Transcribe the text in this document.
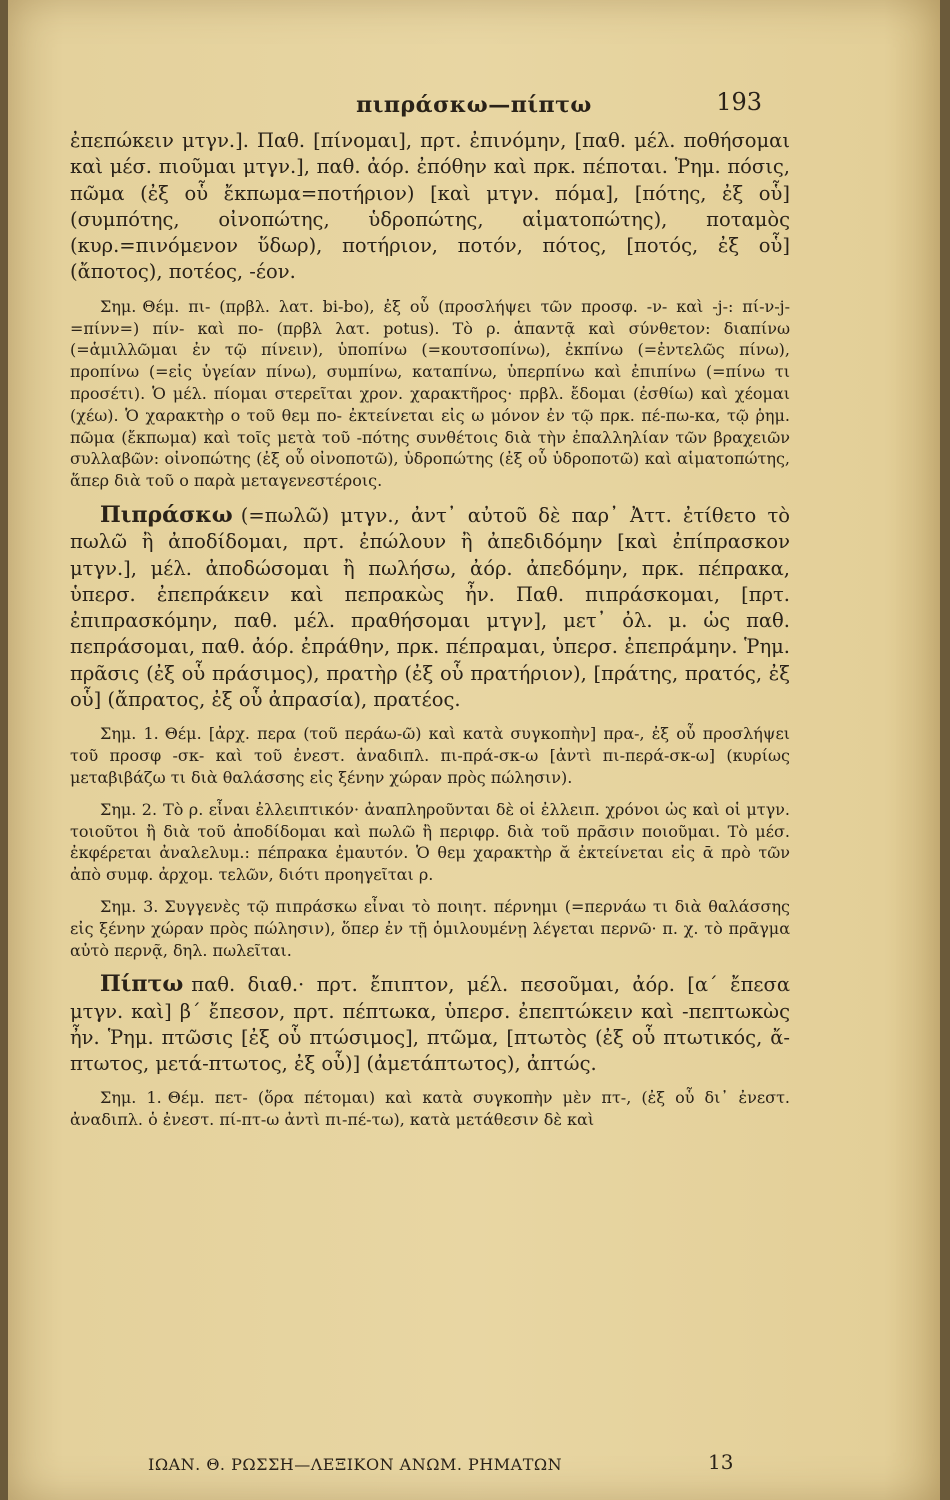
πιπράσκω—πίπτω	193

ἐπεπώκειν μτγν.]. Παθ. [πίνομαι], πρτ. ἐπινόμην, [παθ. μέλ. ποθήσομαι καὶ μέσ. πιοῦμαι μτγν.], παθ. ἀόρ. ἐπόθην καὶ πρκ. πέποται. Ῥημ. πόσις, πῶμα (ἐξ οὗ ἔκπωμα=ποτήριον) [καὶ μτγν. πόμα], [πότης, ἐξ οὗ] (συμπότης, οἰνοπώτης, ὑδροπώτης, αἱματοπώτης), ποταμὸς (κυρ.=πινόμενον ὕδωρ), ποτήριον, ποτόν, πότος, [ποτός, ἐξ οὗ] (ἄποτος), ποτέος, -έον.

Σημ. Θέμ. πι- (πρβλ. λατ. bi-bo), ἐξ οὗ (προσλήψει τῶν προσφ. -ν- καὶ -j-: πί-ν-j-=πίνν=) πίν- καὶ πο- (πρβλ λατ. potus). Τὸ ρ. ἁπαντᾷ καὶ σύνθετον: διαπίνω (=ἁμιλλῶμαι ἐν τῷ πίνειν), ὑποπίνω (=κουτσοπίνω), ἐκπίνω (=ἐντελῶς πίνω), προπίνω (=εἰς ὑγείαν πίνω), συμπίνω, καταπίνω, ὑπερπίνω καὶ ἐπιπίνω (=πίνω τι προσέτι). Ὁ μέλ. πίομαι στερεῖται χρον. χαρακτῆρος· πρβλ. ἔδομαι (ἐσθίω) καὶ χέομαι (χέω). Ὁ χαρακτὴρ ο τοῦ θεμ πο- ἐκτείνεται εἰς ω μόνον ἐν τῷ πρκ. πέ-πω-κα, τῷ ῥημ. πῶμα (ἔκπωμα) καὶ τοῖς μετὰ τοῦ -πότης συνθέτοις διὰ τὴν ἐπαλληλίαν τῶν βραχειῶν συλλαβῶν: οἰνοπώτης (ἐξ οὗ οἰνοποτῶ), ὑδροπώτης (ἐξ οὗ ὑδροποτῶ) καὶ αἱματοπώτης, ἅπερ διὰ τοῦ ο παρὰ μεταγενεστέροις.

Πιπράσκω (=πωλῶ) μτγν., ἀντ᾿ αὐτοῦ δὲ παρ᾿ Ἀττ. ἐτίθετο τὸ πωλῶ ἢ ἀποδίδομαι, πρτ. ἐπώλουν ἢ ἀπεδιδόμην [καὶ ἐπίπρασκον μτγν.], μέλ. ἀποδώσομαι ἢ πωλήσω, ἀόρ. ἀπεδόμην, πρκ. πέπρακα, ὑπερσ. ἐπεπράκειν καὶ πεπρακὼς ἦν. Παθ. πιπράσκομαι, [πρτ. ἐπιπρασκόμην, παθ. μέλ. πραθήσομαι μτγν], μετ᾿ ὀλ. μ. ὡς παθ. πεπράσομαι, παθ. ἀόρ. ἐπράθην, πρκ. πέπραμαι, ὑπερσ. ἐπεπράμην. Ῥημ. πρᾶσις (ἐξ οὗ πράσιμος), πρατὴρ (ἐξ οὗ πρατήριον), [πράτης, πρατός, ἐξ οὗ] (ἄπρατος, ἐξ οὗ ἀπρασία), πρατέος.

Σημ. 1. Θέμ. [ἀρχ. περα (τοῦ περάω-ῶ) καὶ κατὰ συγκοπὴν] πρα-, ἐξ οὗ προσλήψει τοῦ προσφ -σκ- καὶ τοῦ ἐνεστ. ἀναδιπλ. πι-πρά-σκ-ω [ἀντὶ πι-περά-σκ-ω] (κυρίως μεταβιβάζω τι διὰ θαλάσσης εἰς ξένην χώραν πρὸς πώλησιν).

Σημ. 2. Τὸ ρ. εἶναι ἐλλειπτικόν· ἀναπληροῦνται δὲ οἱ ἐλλειπ. χρόνοι ὡς καὶ οἱ μτγν. τοιοῦτοι ἢ διὰ τοῦ ἀποδίδομαι καὶ πωλῶ ἢ περιφρ. διὰ τοῦ πρᾶσιν ποιοῦμαι. Τὸ μέσ. ἐκφέρεται ἀναλελυμ.: πέπρακα ἐμαυτόν. Ὁ θεμ χαρακτὴρ ᾰ ἐκτείνεται εἰς ᾱ πρὸ τῶν ἀπὸ συμφ. ἀρχομ. τελῶν, διότι προηγεῖται ρ.

Σημ. 3. Συγγενὲς τῷ πιπράσκω εἶναι τὸ ποιητ. πέρνημι (=περνάω τι διὰ θαλάσσης εἰς ξένην χώραν πρὸς πώλησιν), ὅπερ ἐν τῇ ὁμιλουμένῃ λέγεται περνῶ· π. χ. τὸ πρᾶγμα αὐτὸ περνᾷ, δηλ. πωλεῖται.

Πίπτω παθ. διαθ.· πρτ. ἔπιπτον, μέλ. πεσοῦμαι, ἀόρ. [α´ ἔπεσα μτγν. καὶ] β´ ἔπεσον, πρτ. πέπτωκα, ὑπερσ. ἐπεπτώκειν καὶ -πεπτωκὼς ἦν. Ῥημ. πτῶσις [ἐξ οὗ πτώσιμος], πτῶμα, [πτωτὸς (ἐξ οὗ πτωτικός, ἄ-πτωτος, μετά-πτωτος, ἐξ οὗ)] (ἀμετάπτωτος), ἀπτώς.

Σημ. 1. Θέμ. πετ- (ὅρα πέτομαι) καὶ κατὰ συγκοπὴν μὲν πτ-, (ἐξ οὗ δι᾿ ἐνεστ. ἀναδιπλ. ὁ ἐνεστ. πί-πτ-ω ἀντὶ πι-πέ-τω), κατὰ μετάθεσιν δὲ καὶ

ΙΩΑΝ. Θ. ΡΩΣΣΗ—ΛΕΞΙΚΟΝ ΑΝΩΜ. ΡΗΜΑΤΩΝ	13
